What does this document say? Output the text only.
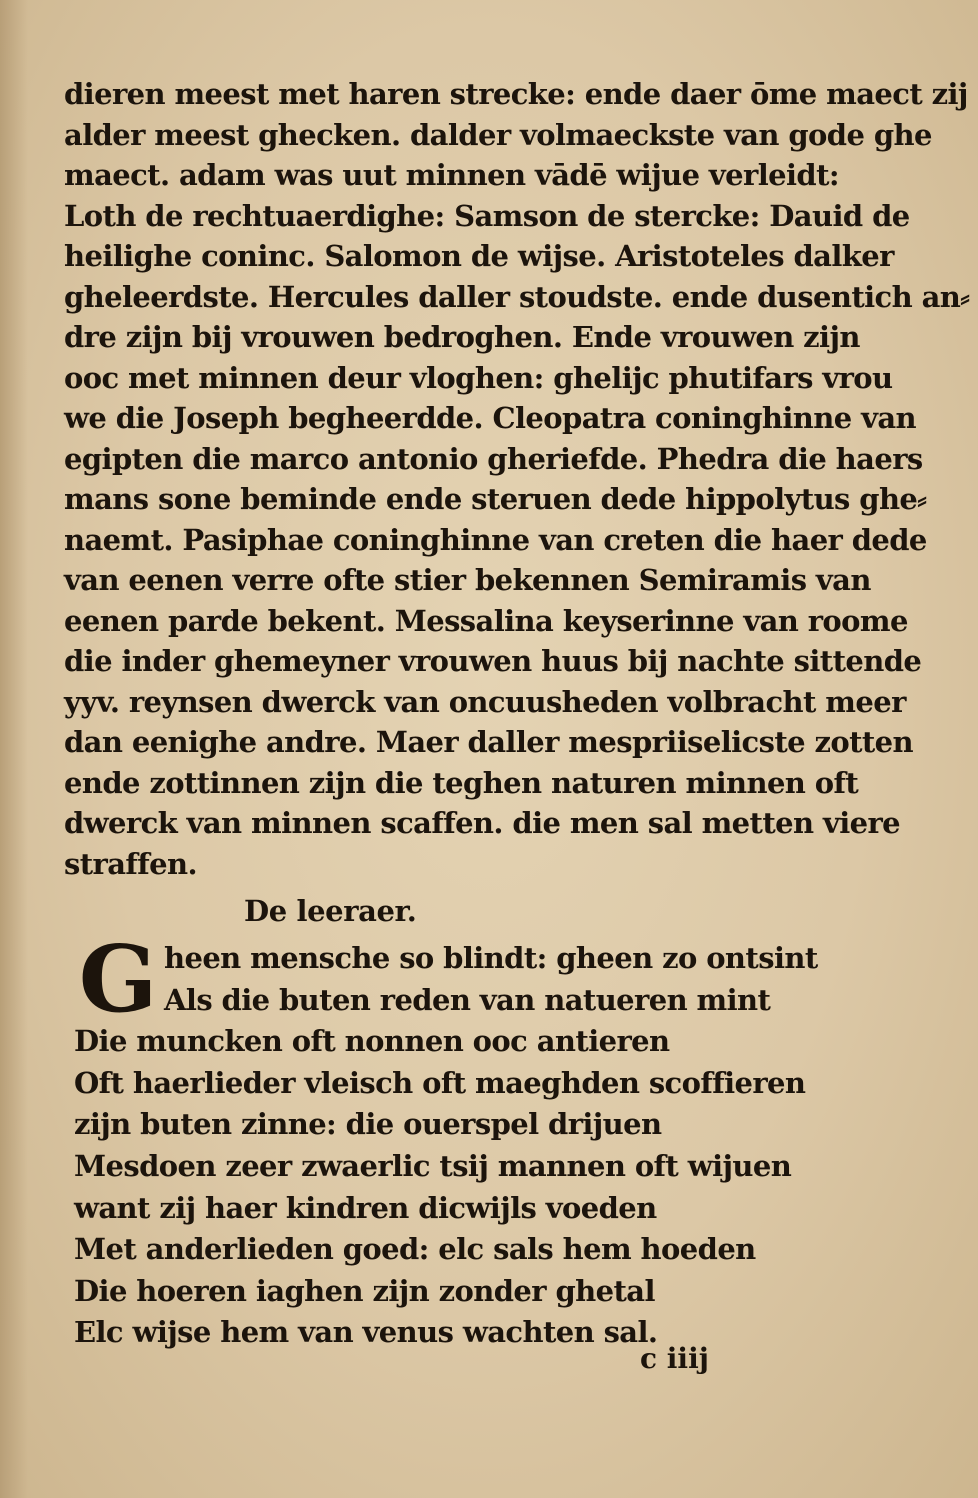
dieren meest met haren strecke: ende daer ōme maect zij
alder meest ghecken. dalder volmaeckste van gode ghe
maect. adam was uut minnen vādē wijue verleidt:
Loth de rechtuaerdighe: Samson de stercke: Dauid de
heilighe coninc. Salomon de wijse. Aristoteles dalker
gheleerdste. Hercules daller stoudste. ende dusentich an⸗
dre zijn bij vrouwen bedroghen. Ende vrouwen zijn
ooc met minnen deur vloghen: ghelijc phutifars vrou
we die Joseph begheerdde. Cleopatra coninghinne van
egipten die marco antonio gheriefde. Phedra die haers
mans sone beminde ende steruen dede hippolytus ghe⸗
naemt. Pasiphae coninghinne van creten die haer dede
van eenen verre ofte stier bekennen Semiramis van
eenen parde bekent. Messalina keyserinne van roome
die inder ghemeyner vrouwen huus bij nachte sittende
yyv. reynsen dwerck van oncuusheden volbracht meer
dan eenighe andre. Maer daller mespriiselicste zotten
ende zottinnen zijn die teghen naturen minnen oft
dwerck van minnen scaffen. die men sal metten viere
straffen.
De leeraer.
G heen mensche so blindt: gheen zo ontsint
Als die buten reden van natueren mint
Die muncken oft nonnen ooc antieren
Oft haerlieder vleisch oft maeghden scoffieren
zijn buten zinne: die ouerspel drijuen
Mesdoen zeer zwaerlic tsij mannen oft wijuen
want zij haer kindren dicwijls voeden
Met anderlieden goed: elc sals hem hoeden
Die hoeren iaghen zijn zonder ghetal
Elc wijse hem van venus wachten sal.
c iiij
